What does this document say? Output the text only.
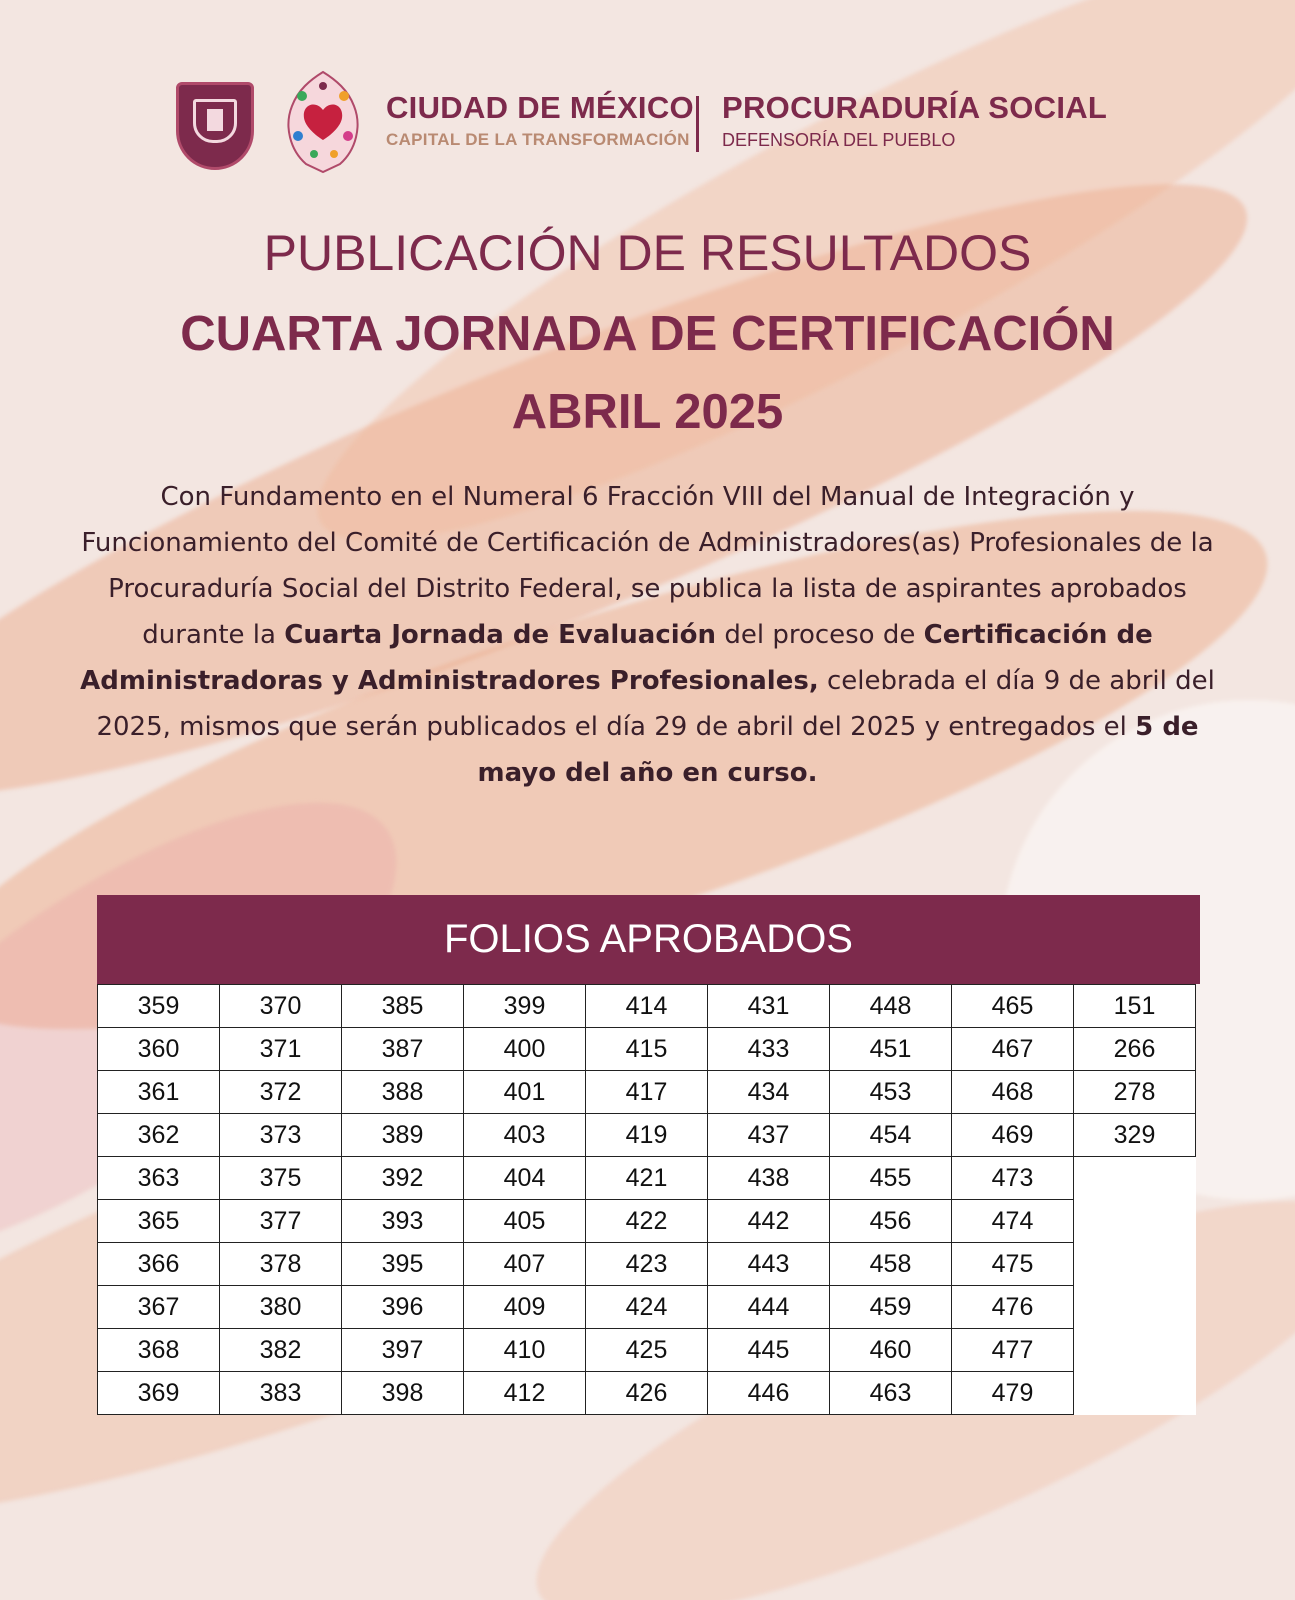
CIUDAD DE MÉXICO
CAPITAL DE LA TRANSFORMACIÓN
PROCURADURÍA SOCIAL
DEFENSORÍA DEL PUEBLO
PUBLICACIÓN DE RESULTADOS
CUARTA JORNADA DE CERTIFICACIÓN
ABRIL 2025
Con Fundamento en el Numeral 6 Fracción VIII del Manual de Integración y Funcionamiento del Comité de Certificación de Administradores(as) Profesionales de la Procuraduría Social del Distrito Federal, se publica la lista de aspirantes aprobados durante la Cuarta Jornada de Evaluación del proceso de Certificación de Administradoras y Administradores Profesionales, celebrada el día 9 de abril del 2025, mismos que serán publicados el día 29 de abril del 2025 y entregados el 5 de mayo del año en curso.
FOLIOS APROBADOS
359	370	385	399	414	431	448	465	151
360	371	387	400	415	433	451	467	266
361	372	388	401	417	434	453	468	278
362	373	389	403	419	437	454	469	329
363	375	392	404	421	438	455	473	
365	377	393	405	422	442	456	474	
366	378	395	407	423	443	458	475	
367	380	396	409	424	444	459	476	
368	382	397	410	425	445	460	477	
369	383	398	412	426	446	463	479	
